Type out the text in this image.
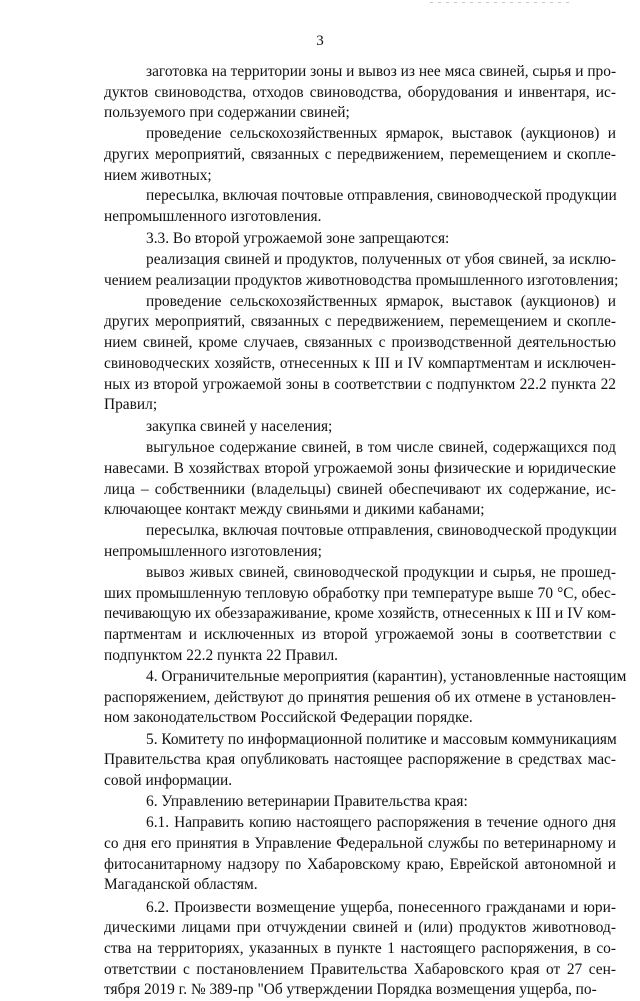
3

заготовка на территории зоны и вывоз из нее мяса свиней, сырья и про-
дуктов свиноводства, отходов свиноводства, оборудования и инвентаря, ис-
пользуемого при содержании свиней;

проведение сельскохозяйственных ярмарок, выставок (аукционов) и
других мероприятий, связанных с передвижением, перемещением и скопле-
нием животных;

пересылка, включая почтовые отправления, свиноводческой продукции
непромышленного изготовления.

3.3. Во второй угрожаемой зоне запрещаются:

реализация свиней и продуктов, полученных от убоя свиней, за исклю-
чением реализации продуктов животноводства промышленного изготовления;

проведение сельскохозяйственных ярмарок, выставок (аукционов) и
других мероприятий, связанных с передвижением, перемещением и скопле-
нием свиней, кроме случаев, связанных с производственной деятельностью
свиноводческих хозяйств, отнесенных к III и IV компартментам и исключен-
ных из второй угрожаемой зоны в соответствии с подпунктом 22.2 пункта 22
Правил;

закупка свиней у населения;

выгульное содержание свиней, в том числе свиней, содержащихся под
навесами. В хозяйствах второй угрожаемой зоны физические и юридические
лица – собственники (владельцы) свиней обеспечивают их содержание, ис-
ключающее контакт между свиньями и дикими кабанами;

пересылка, включая почтовые отправления, свиноводческой продукции
непромышленного изготовления;

вывоз живых свиней, свиноводческой продукции и сырья, не прошед-
ших промышленную тепловую обработку при температуре выше 70 °С, обес-
печивающую их обеззараживание, кроме хозяйств, отнесенных к III и IV ком-
партментам и исключенных из второй угрожаемой зоны в соответствии с
подпунктом 22.2 пункта 22 Правил.

4. Ограничительные мероприятия (карантин), установленные настоящим
распоряжением, действуют до принятия решения об их отмене в установлен-
ном законодательством Российской Федерации порядке.

5. Комитету по информационной политике и массовым коммуникациям
Правительства края опубликовать настоящее распоряжение в средствах мас-
совой информации.

6. Управлению ветеринарии Правительства края:

6.1. Направить копию настоящего распоряжения в течение одного дня
со дня его принятия в Управление Федеральной службы по ветеринарному и
фитосанитарному надзору по Хабаровскому краю, Еврейской автономной и
Магаданской областям.

6.2. Произвести возмещение ущерба, понесенного гражданами и юри-
дическими лицами при отчуждении свиней и (или) продуктов животновод-
ства на территориях, указанных в пункте 1 настоящего распоряжения, в со-
ответствии с постановлением Правительства Хабаровского края от 27 сен-
тября 2019 г. № 389-пр "Об утверждении Порядка возмещения ущерба, по-
